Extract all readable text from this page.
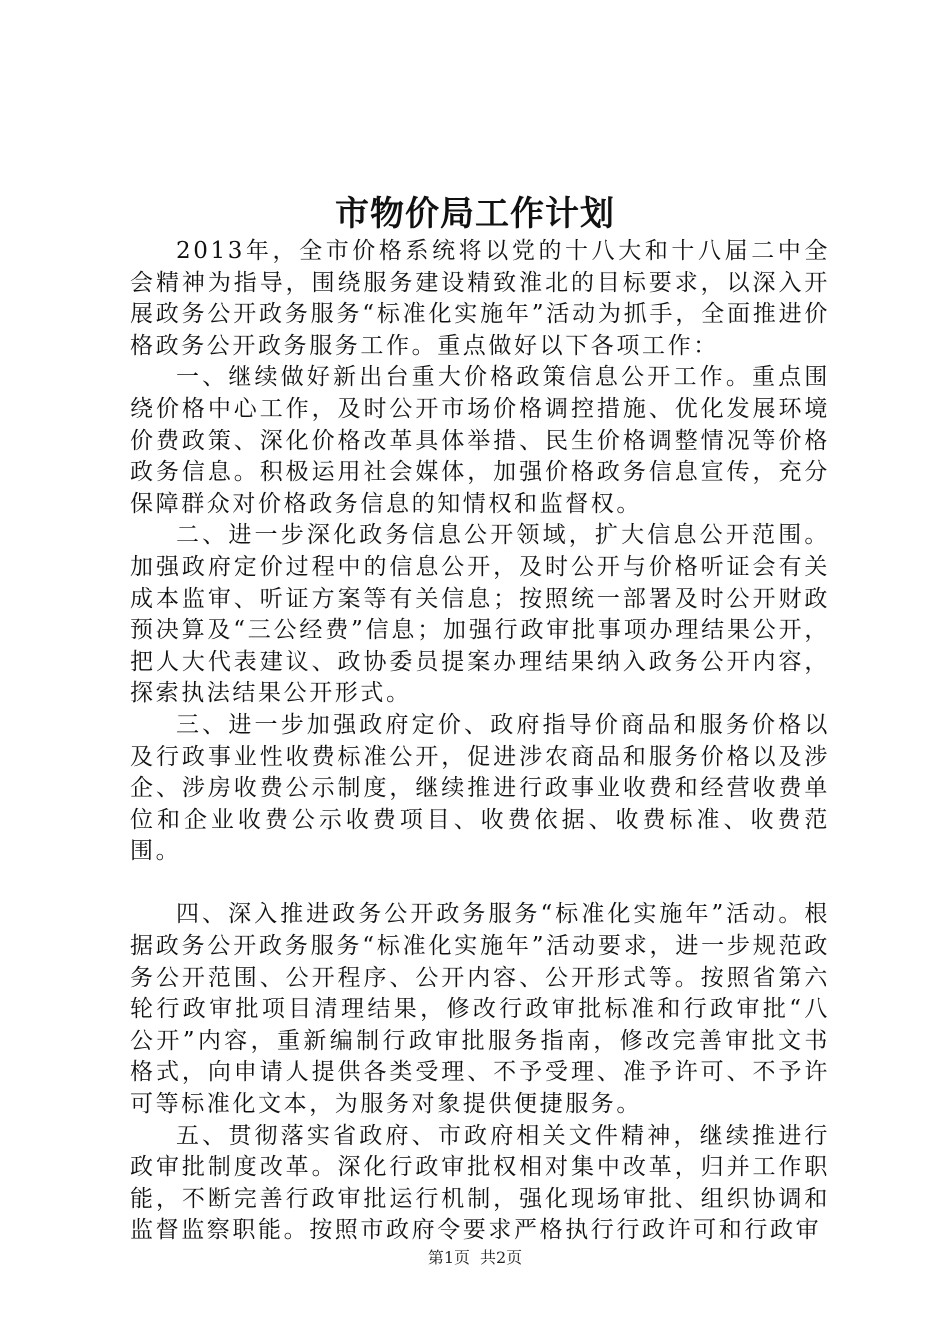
市物价局工作计划

2013年，全市价格系统将以党的十八大和十八届二中全会精神为指导，围绕服务建设精致淮北的目标要求，以深入开展政务公开政务服务“标准化实施年”活动为抓手，全面推进价格政务公开政务服务工作。重点做好以下各项工作：

一、继续做好新出台重大价格政策信息公开工作。重点围绕价格中心工作，及时公开市场价格调控措施、优化发展环境价费政策、深化价格改革具体举措、民生价格调整情况等价格政务信息。积极运用社会媒体，加强价格政务信息宣传，充分保障群众对价格政务信息的知情权和监督权。

二、进一步深化政务信息公开领域，扩大信息公开范围。加强政府定价过程中的信息公开，及时公开与价格听证会有关成本监审、听证方案等有关信息；按照统一部署及时公开财政预决算及“三公经费”信息；加强行政审批事项办理结果公开，把人大代表建议、政协委员提案办理结果纳入政务公开内容，探索执法结果公开形式。

三、进一步加强政府定价、政府指导价商品和服务价格以及行政事业性收费标准公开，促进涉农商品和服务价格以及涉企、涉房收费公示制度，继续推进行政事业收费和经营收费单位和企业收费公示收费项目、收费依据、收费标准、收费范围。

四、深入推进政务公开政务服务“标准化实施年”活动。根据政务公开政务服务“标准化实施年”活动要求，进一步规范政务公开范围、公开程序、公开内容、公开形式等。按照省第六轮行政审批项目清理结果，修改行政审批标准和行政审批“八公开”内容，重新编制行政审批服务指南，修改完善审批文书格式，向申请人提供各类受理、不予受理、准予许可、不予许可等标准化文本，为服务对象提供便捷服务。

五、贯彻落实省政府、市政府相关文件精神，继续推进行政审批制度改革。深化行政审批权相对集中改革，归并工作职能，不断完善行政审批运行机制，强化现场审批、组织协调和监督监察职能。按照市政府令要求严格执行行政许可和行政审

第1页 共2页
